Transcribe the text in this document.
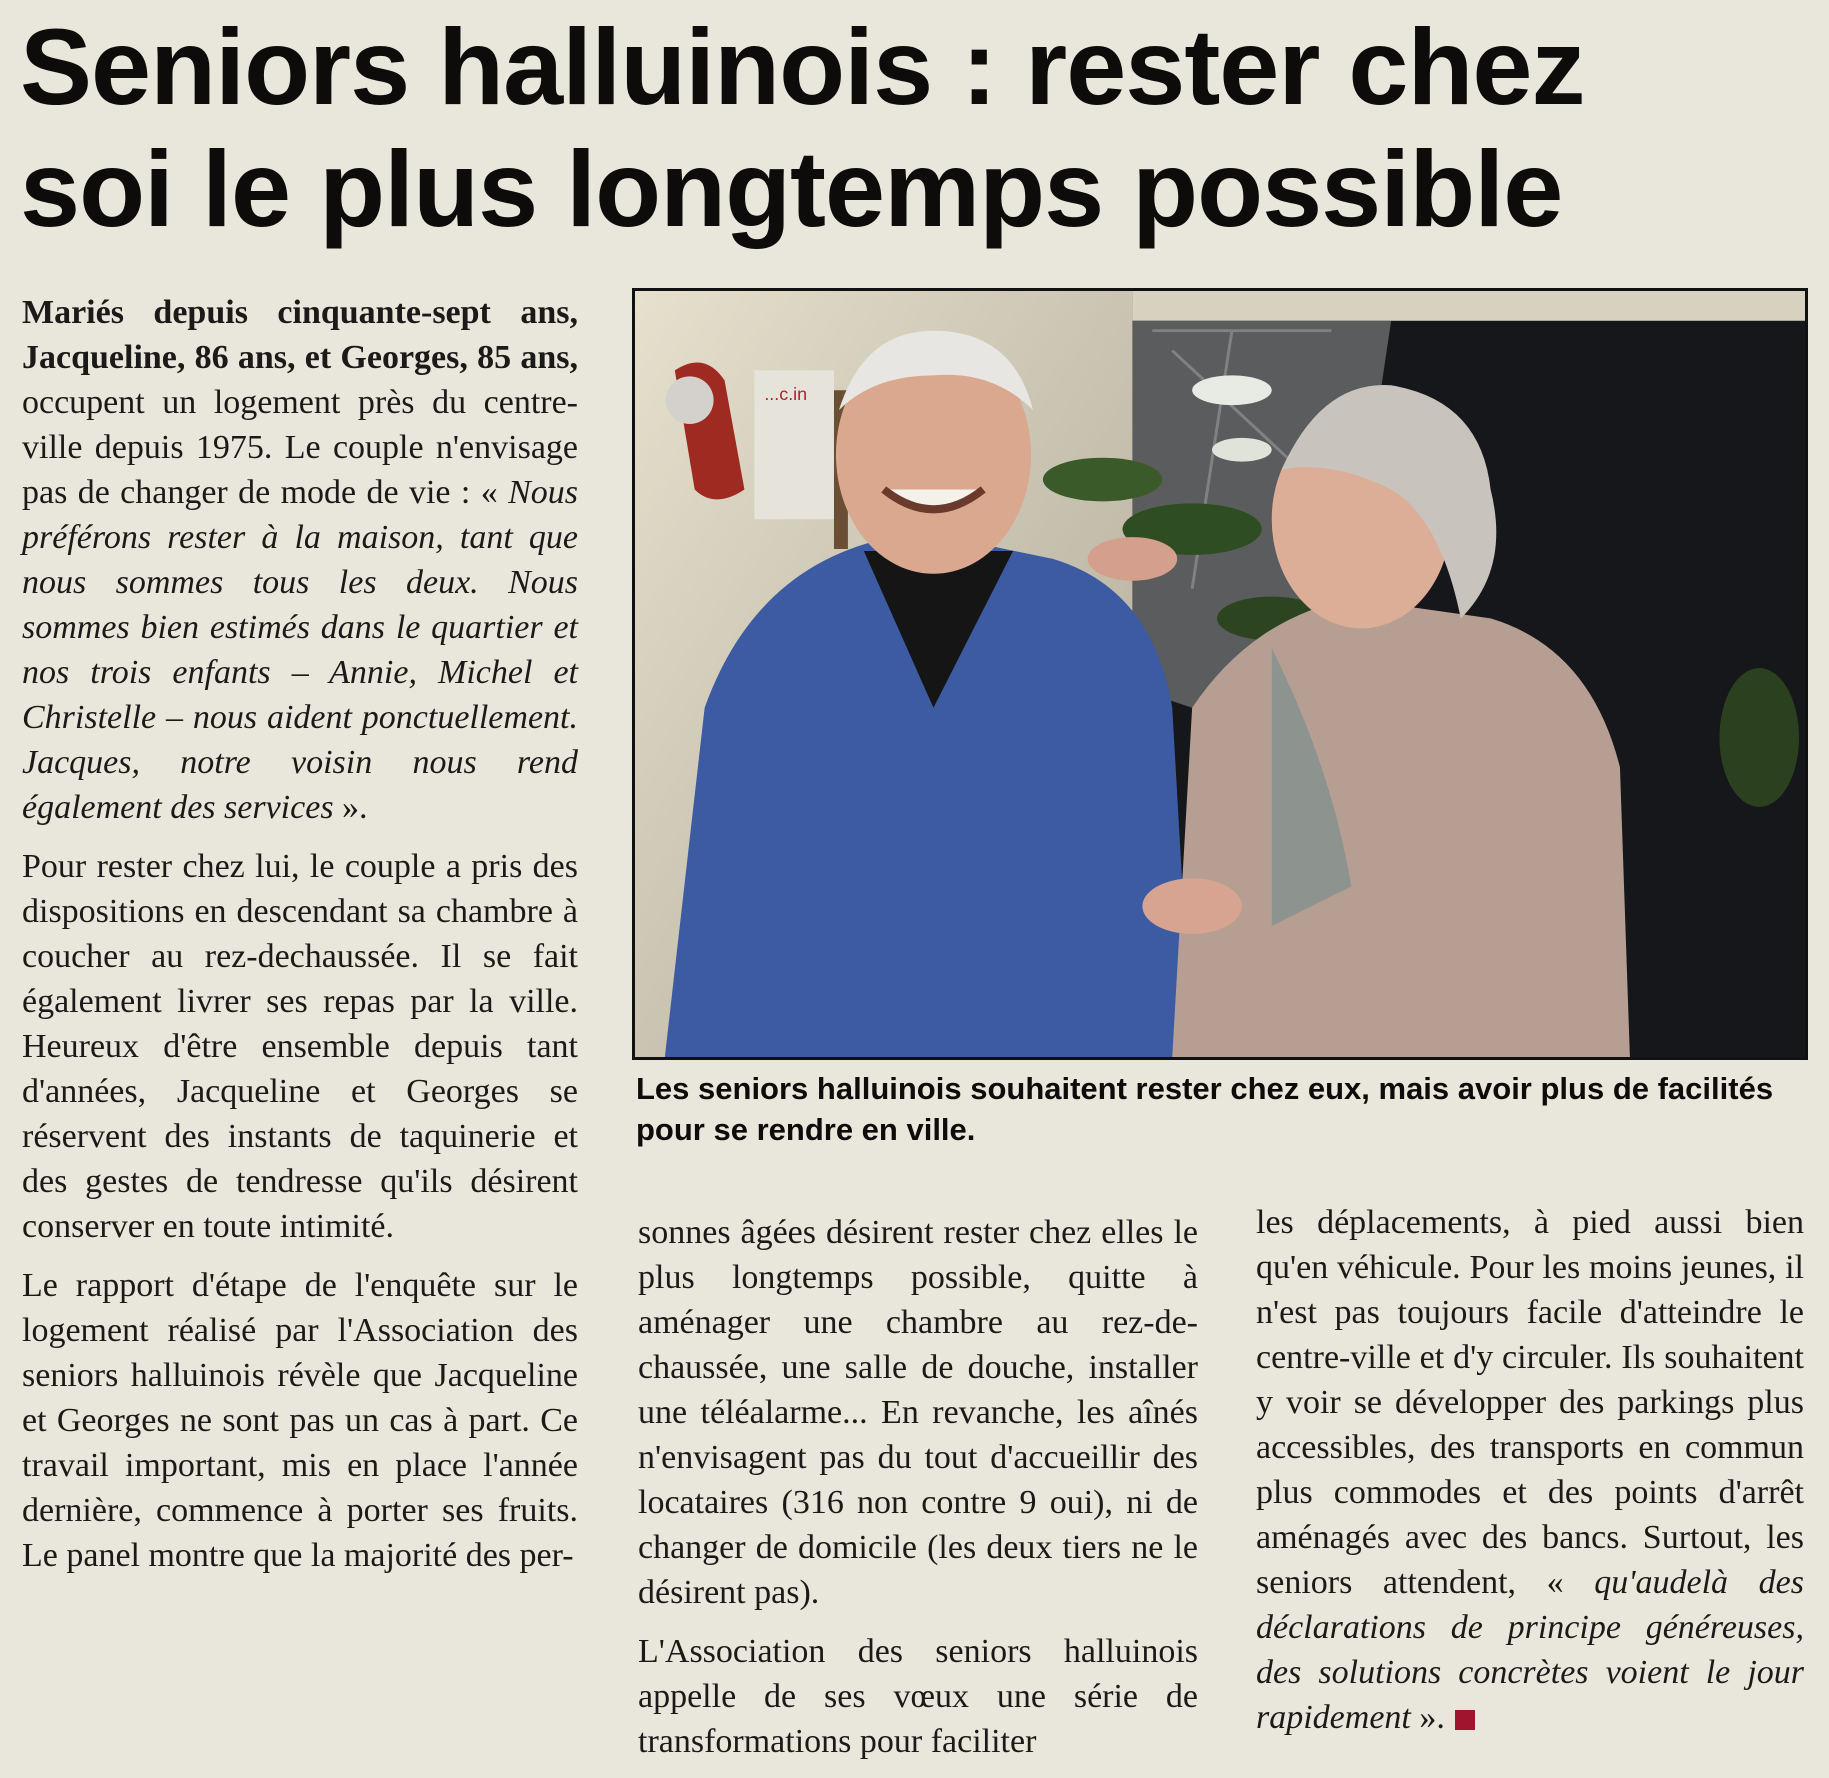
Seniors halluinois : rester chez soi le plus longtemps possible

Mariés depuis cinquante-sept ans, Jacqueline, 86 ans, et Georges, 85 ans, occupent un logement près du centre-ville depuis 1975. Le couple n'envisage pas de changer de mode de vie : « Nous préférons rester à la maison, tant que nous sommes tous les deux. Nous sommes bien estimés dans le quartier et nos trois enfants – Annie, Michel et Christelle – nous aident ponctuellement. Jacques, notre voisin nous rend également des services ».

Pour rester chez lui, le couple a pris des dispositions en descendant sa chambre à coucher au rez-dechaussée. Il se fait également livrer ses repas par la ville. Heureux d'être ensemble depuis tant d'années, Jacqueline et Georges se réservent des instants de taquinerie et des gestes de tendresse qu'ils désirent conserver en toute intimité.

Le rapport d'étape de l'enquête sur le logement réalisé par l'Association des seniors halluinois révèle que Jacqueline et Georges ne sont pas un cas à part. Ce travail important, mis en place l'année dernière, commence à porter ses fruits. Le panel montre que la majorité des per-

...c.in

Les seniors halluinois souhaitent rester chez eux, mais avoir plus de facilités pour se rendre en ville.

sonnes âgées désirent rester chez elles le plus longtemps possible, quitte à aménager une chambre au rez-de-chaussée, une salle de douche, installer une téléalarme... En revanche, les aînés n'envisagent pas du tout d'accueillir des locataires (316 non contre 9 oui), ni de changer de domicile (les deux tiers ne le désirent pas).

L'Association des seniors halluinois appelle de ses vœux une série de transformations pour faciliter

les déplacements, à pied aussi bien qu'en véhicule. Pour les moins jeunes, il n'est pas toujours facile d'atteindre le centre-ville et d'y circuler. Ils souhaitent y voir se développer des parkings plus accessibles, des transports en commun plus commodes et des points d'arrêt aménagés avec des bancs. Surtout, les seniors attendent, « qu'audelà des déclarations de principe généreuses, des solutions concrètes voient le jour rapidement ».
